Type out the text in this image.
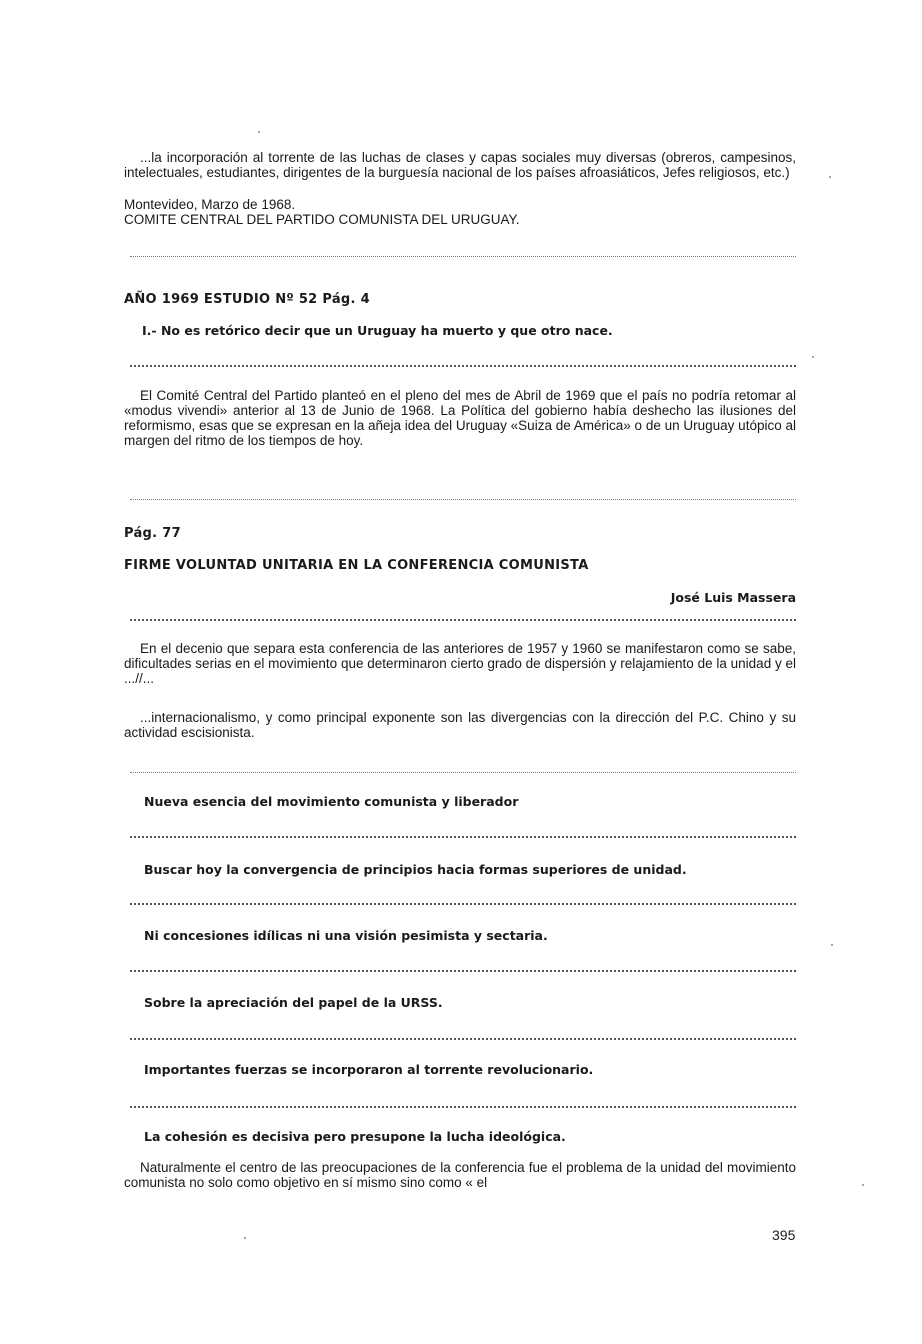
...la incorporación al torrente de las luchas de clases y capas sociales muy diversas (obreros, campesinos, intelectuales, estudiantes, dirigentes de la burguesía nacional de los países afroasiáticos, Jefes religiosos, etc.)

Montevideo, Marzo de 1968.
COMITE CENTRAL DEL PARTIDO COMUNISTA DEL URUGUAY.
AÑO 1969 ESTUDIO Nº 52 Pág. 4
I.- No es retórico decir que un Uruguay ha muerto y que otro nace.

El Comité Central del Partido planteó en el pleno del mes de Abril de 1969 que el país no podría retomar al «modus vivendi» anterior al 13 de Junio de 1968. La Política del gobierno había deshecho las ilusiones del reformismo, esas que se expresan en la añeja idea del Uruguay «Suiza de América» o de un Uruguay utópico al margen del ritmo de los tiempos de hoy.

Pág. 77
FIRME VOLUNTAD UNITARIA EN LA CONFERENCIA COMUNISTA
José Luis Massera

En el decenio que separa esta conferencia de las anteriores de 1957 y 1960 se manifestaron como se sabe, dificultades serias en el movimiento que determinaron cierto grado de dispersión y relajamiento de la unidad y el ...//...

...internacionalismo, y como principal exponente son las divergencias con la dirección del P.C. Chino y su actividad escisionista.

Nueva esencia del movimiento comunista y liberador
Buscar hoy la convergencia de principios hacia formas superiores de unidad.
Ni concesiones idílicas ni una visión pesimista y sectaria.
Sobre la apreciación del papel de la URSS.
Importantes fuerzas se incorporaron al torrente revolucionario.
La cohesión es decisiva pero presupone la lucha ideológica.

Naturalmente el centro de las preocupaciones de la conferencia fue el problema de la unidad del movimiento comunista no solo como objetivo en sí mismo sino como « el

395
